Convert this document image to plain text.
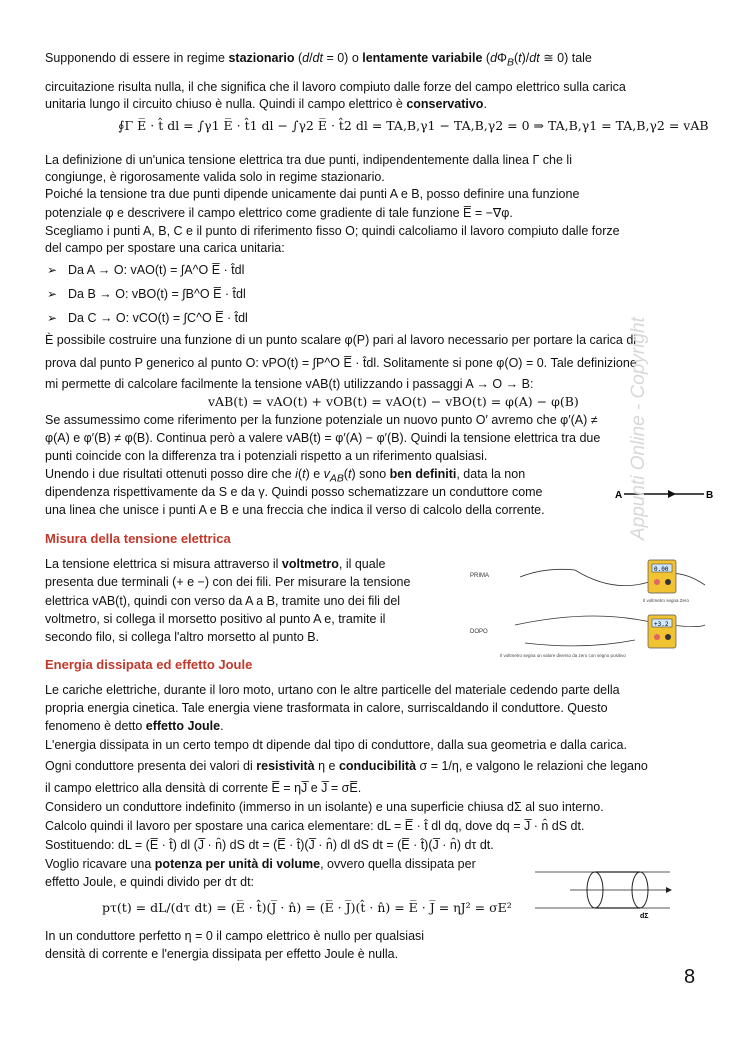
Supponendo di essere in regime stazionario (d/dt = 0) o lentamente variabile ($d\Phi_B(t)/dt$ ≅ 0) tale
circuitazione risulta nulla, il che significa che il lavoro compiuto dalle forze del campo elettrico sulla carica
unitaria lungo il circuito chiuso è nulla. Quindi il campo elettrico è conservativo.
∮Γ E̅ · t̂ dl = ∫γ1 E̅ · t̂1 dl − ∫γ2 E̅ · t̂2 dl = TA,B,γ1 − TA,B,γ2 = 0 ⇒ TA,B,γ1 = TA,B,γ2 = vAB
La definizione di un'unica tensione elettrica tra due punti, indipendentemente dalla linea Γ che li
congiunge, è rigorosamente valida solo in regime stazionario.
Poiché la tensione tra due punti dipende unicamente dai punti A e B, posso definire una funzione
potenziale φ e descrivere il campo elettrico come gradiente di tale funzione E̅ = −∇φ.
Scegliamo i punti A, B, C e il punto di riferimento fisso O; quindi calcoliamo il lavoro compiuto dalle forze
del campo per spostare una carica unitaria:
➢ Da A → O: vAO(t) = ∫A^O E̅ · t̂dl
➢ Da B → O: vBO(t) = ∫B^O E̅ · t̂dl
➢ Da C → O: vCO(t) = ∫C^O E̅ · t̂dl
È possibile costruire una funzione di un punto scalare φ(P) pari al lavoro necessario per portare la carica di
prova dal punto P generico al punto O: vPO(t) = ∫P^O E̅ · t̂dl. Solitamente si pone φ(O) = 0. Tale definizione
mi permette di calcolare facilmente la tensione vAB(t) utilizzando i passaggi A → O → B:
vAB(t) = vAO(t) + vOB(t) = vAO(t) − vBO(t) = φ(A) − φ(B)
Se assumessimo come riferimento per la funzione potenziale un nuovo punto O′ avremo che φ′(A) ≠
φ(A) e φ′(B) ≠ φ(B). Continua però a valere vAB(t) = φ′(A) − φ′(B). Quindi la tensione elettrica tra due
punti coincide con la differenza tra i potenziali rispetto a un riferimento qualsiasi.
Unendo i due risultati ottenuti posso dire che i(t) e $v_{AB}(t)$ sono ben definiti, data la non
dipendenza rispettivamente da S e da γ. Quindi posso schematizzare un conduttore come
una linea che unisce i punti A e B e una freccia che indica il verso di calcolo della corrente.
A	B
Misura della tensione elettrica
La tensione elettrica si misura attraverso il voltmetro, il quale
presenta due terminali (+ e −) con dei fili. Per misurare la tensione
elettrica vAB(t), quindi con verso da A a B, tramite uno dei fili del
voltmetro, si collega il morsetto positivo al punto A e, tramite il
secondo filo, si collega l'altro morsetto al punto B.
PRIMA
0.00
Il voltmetro segna Zero
DOPO
+3.2
Il voltmetro segna un valore diverso da zero con segno positivo
Energia dissipata ed effetto Joule
Le cariche elettriche, durante il loro moto, urtano con le altre particelle del materiale cedendo parte della
propria energia cinetica. Tale energia viene trasformata in calore, surriscaldando il conduttore. Questo
fenomeno è detto effetto Joule.
L'energia dissipata in un certo tempo dt dipende dal tipo di conduttore, dalla sua geometria e dalla carica.
Ogni conduttore presenta dei valori di resistività η e conducibilità σ = 1/η, e valgono le relazioni che legano
il campo elettrico alla densità di corrente E̅ = ηJ̅ e J̅ = σE̅.
Considero un conduttore indefinito (immerso in un isolante) e una superficie chiusa dΣ al suo interno.
Calcolo quindi il lavoro per spostare una carica elementare: dL = E̅ · t̂ dl dq, dove dq = J̅ · n̂ dS dt.
Sostituendo: dL = (E̅ · t̂) dl (J̅ · n̂) dS dt = (E̅ · t̂)(J̅ · n̂) dl dS dt = (E̅ · t̂)(J̅ · n̂) dτ dt.
Voglio ricavare una potenza per unità di volume, ovvero quella dissipata per
effetto Joule, e quindi divido per dτ dt:
pτ(t) = dL/(dτ dt) = (E̅ · t̂)(J̅ · n̂) = (E̅ · J̅)(t̂ · n̂) = E̅ · J̅ = ηJ² = σE²
In un conduttore perfetto η = 0 il campo elettrico è nullo per qualsiasi
densità di corrente e l'energia dissipata per effetto Joule è nulla.
dΣ
Appunti Online - Copyright
8
